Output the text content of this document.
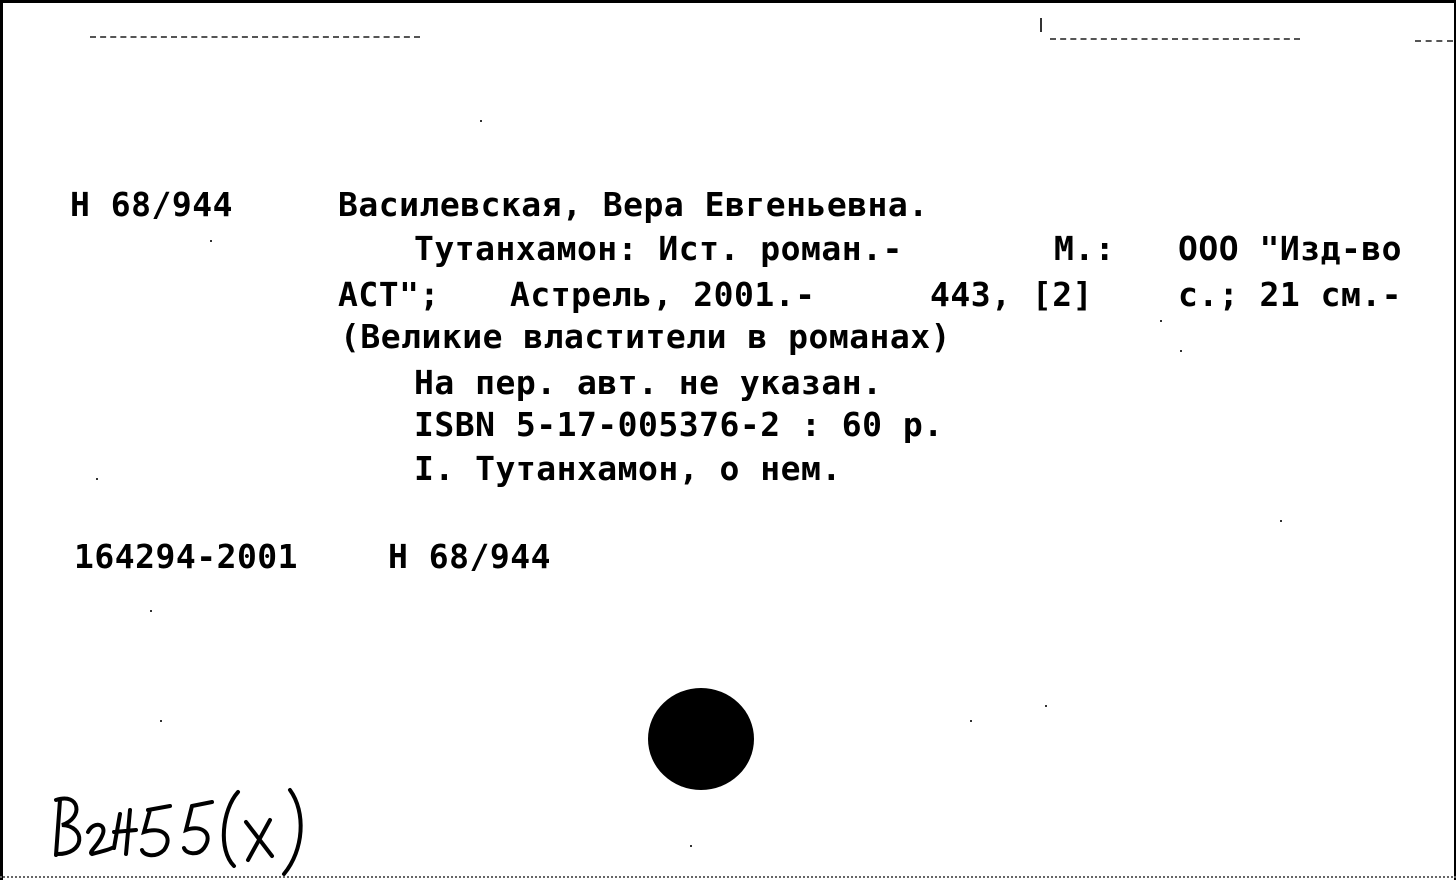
Н 68/944	Василевская, Вера Евгеньевна.
Тутанхамон: Ист. роман.-	М.: ООО "Изд-во
АСТ"; Астрель, 2001.-	443, [2]	с.; 21 см.-
(Великие властители в романах)
На пер. авт. не указан.
ISBN 5-17-005376-2 : 60 р.
I. Тутанхамон, о нем.
164294-2001	Н 68/944
